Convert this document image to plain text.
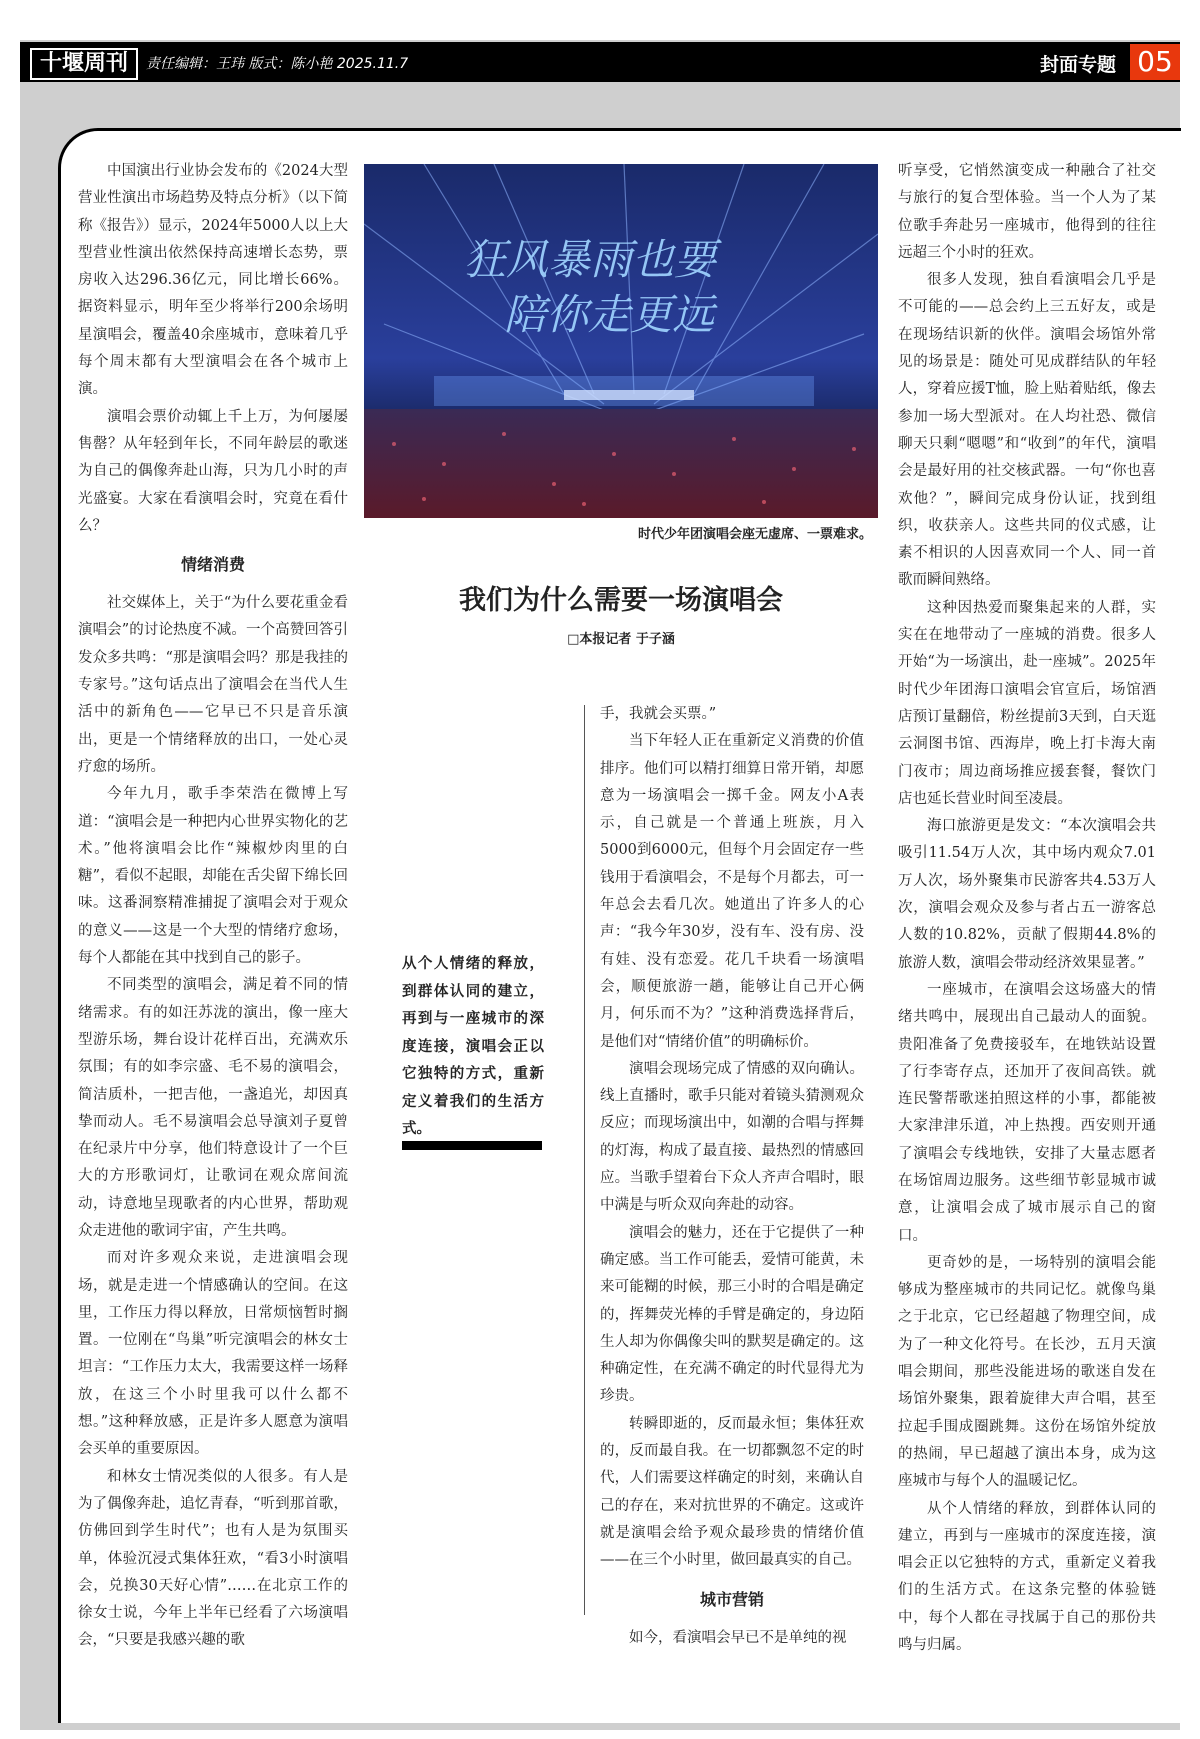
十堰周刊	责任编辑：王玮 版式：陈小艳 2025.11.7	封面专题 05

中国演出行业协会发布的《2024大型营业性演出市场趋势及特点分析》（以下简称《报告》）显示，2024年5000人以上大型营业性演出依然保持高速增长态势，票房收入达296.36亿元，同比增长66%。据资料显示，明年至少将举行200余场明星演唱会，覆盖40余座城市，意味着几乎每个周末都有大型演唱会在各个城市上演。

演唱会票价动辄上千上万，为何屡屡售罄？从年轻到年长，不同年龄层的歌迷为自己的偶像奔赴山海，只为几小时的声光盛宴。大家在看演唱会时，究竟在看什么？

情绪消费

社交媒体上，关于“为什么要花重金看演唱会”的讨论热度不减。一个高赞回答引发众多共鸣：“那是演唱会吗？那是我挂的专家号。”这句话点出了演唱会在当代人生活中的新角色——它早已不只是音乐演出，更是一个情绪释放的出口，一处心灵疗愈的场所。

今年九月，歌手李荣浩在微博上写道：“演唱会是一种把内心世界实物化的艺术。”他将演唱会比作“辣椒炒肉里的白糖”，看似不起眼，却能在舌尖留下绵长回味。这番洞察精准捕捉了演唱会对于观众的意义——这是一个大型的情绪疗愈场，每个人都能在其中找到自己的影子。

不同类型的演唱会，满足着不同的情绪需求。有的如汪苏泷的演出，像一座大型游乐场，舞台设计花样百出，充满欢乐氛围；有的如李宗盛、毛不易的演唱会，简洁质朴，一把吉他，一盏追光，却因真挚而动人。毛不易演唱会总导演刘子夏曾在纪录片中分享，他们特意设计了一个巨大的方形歌词灯，让歌词在观众席间流动，诗意地呈现歌者的内心世界，帮助观众走进他的歌词宇宙，产生共鸣。

而对许多观众来说，走进演唱会现场，就是走进一个情感确认的空间。在这里，工作压力得以释放，日常烦恼暂时搁置。一位刚在“鸟巢”听完演唱会的林女士坦言：“工作压力太大，我需要这样一场释放，在这三个小时里我可以什么都不想。”这种释放感，正是许多人愿意为演唱会买单的重要原因。

和林女士情况类似的人很多。有人是为了偶像奔赴，追忆青春，“听到那首歌，仿佛回到学生时代”；也有人是为氛围买单，体验沉浸式集体狂欢，“看3小时演唱会，兑换30天好心情”……在北京工作的徐女士说，今年上半年已经看了六场演唱会，“只要是我感兴趣的歌

狂风暴雨也要
陪你走更远
时代少年团演唱会座无虚席、一票难求。
我们为什么需要一场演唱会
□本报记者 于子涵
从个人情绪的释放，到群体认同的建立，再到与一座城市的深度连接，演唱会正以它独特的方式，重新定义着我们的生活方式。

手，我就会买票。”

当下年轻人正在重新定义消费的价值排序。他们可以精打细算日常开销，却愿意为一场演唱会一掷千金。网友小A表示，自己就是一个普通上班族，月入5000到6000元，但每个月会固定存一些钱用于看演唱会，不是每个月都去，可一年总会去看几次。她道出了许多人的心声：“我今年30岁，没有车、没有房、没有娃、没有恋爱。花几千块看一场演唱会，顺便旅游一趟，能够让自己开心俩月，何乐而不为？”这种消费选择背后，是他们对“情绪价值”的明确标价。

演唱会现场完成了情感的双向确认。线上直播时，歌手只能对着镜头猜测观众反应；而现场演出中，如潮的合唱与挥舞的灯海，构成了最直接、最热烈的情感回应。当歌手望着台下众人齐声合唱时，眼中满是与听众双向奔赴的动容。

演唱会的魅力，还在于它提供了一种确定感。当工作可能丢，爱情可能黄，未来可能糊的时候，那三小时的合唱是确定的，挥舞荧光棒的手臂是确定的，身边陌生人却为你偶像尖叫的默契是确定的。这种确定性，在充满不确定的时代显得尤为珍贵。

转瞬即逝的，反而最永恒；集体狂欢的，反而最自我。在一切都飘忽不定的时代，人们需要这样确定的时刻，来确认自己的存在，来对抗世界的不确定。这或许就是演唱会给予观众最珍贵的情绪价值——在三个小时里，做回最真实的自己。

城市营销

如今，看演唱会早已不是单纯的视

听享受，它悄然演变成一种融合了社交与旅行的复合型体验。当一个人为了某位歌手奔赴另一座城市，他得到的往往远超三个小时的狂欢。

很多人发现，独自看演唱会几乎是不可能的——总会约上三五好友，或是在现场结识新的伙伴。演唱会场馆外常见的场景是：随处可见成群结队的年轻人，穿着应援T恤，脸上贴着贴纸，像去参加一场大型派对。在人均社恐、微信聊天只剩“嗯嗯”和“收到”的年代，演唱会是最好用的社交核武器。一句“你也喜欢他？”，瞬间完成身份认证，找到组织，收获亲人。这些共同的仪式感，让素不相识的人因喜欢同一个人、同一首歌而瞬间熟络。

这种因热爱而聚集起来的人群，实实在在地带动了一座城的消费。很多人开始“为一场演出，赴一座城”。2025年时代少年团海口演唱会官宣后，场馆酒店预订量翻倍，粉丝提前3天到，白天逛云洞图书馆、西海岸，晚上打卡海大南门夜市；周边商场推应援套餐，餐饮门店也延长营业时间至凌晨。

海口旅游更是发文：“本次演唱会共吸引11.54万人次，其中场内观众7.01万人次，场外聚集市民游客共4.53万人次，演唱会观众及参与者占五一游客总人数的10.82%，贡献了假期44.8%的旅游人数，演唱会带动经济效果显著。”

一座城市，在演唱会这场盛大的情绪共鸣中，展现出自己最动人的面貌。贵阳准备了免费接驳车，在地铁站设置了行李寄存点，还加开了夜间高铁。就连民警帮歌迷拍照这样的小事，都能被大家津津乐道，冲上热搜。西安则开通了演唱会专线地铁，安排了大量志愿者在场馆周边服务。这些细节彰显城市诚意，让演唱会成了城市展示自己的窗口。

更奇妙的是，一场特别的演唱会能够成为整座城市的共同记忆。就像鸟巢之于北京，它已经超越了物理空间，成为了一种文化符号。在长沙，五月天演唱会期间，那些没能进场的歌迷自发在场馆外聚集，跟着旋律大声合唱，甚至拉起手围成圈跳舞。这份在场馆外绽放的热闹，早已超越了演出本身，成为这座城市与每个人的温暖记忆。

从个人情绪的释放，到群体认同的建立，再到与一座城市的深度连接，演唱会正以它独特的方式，重新定义着我们的生活方式。在这条完整的体验链中，每个人都在寻找属于自己的那份共鸣与归属。
